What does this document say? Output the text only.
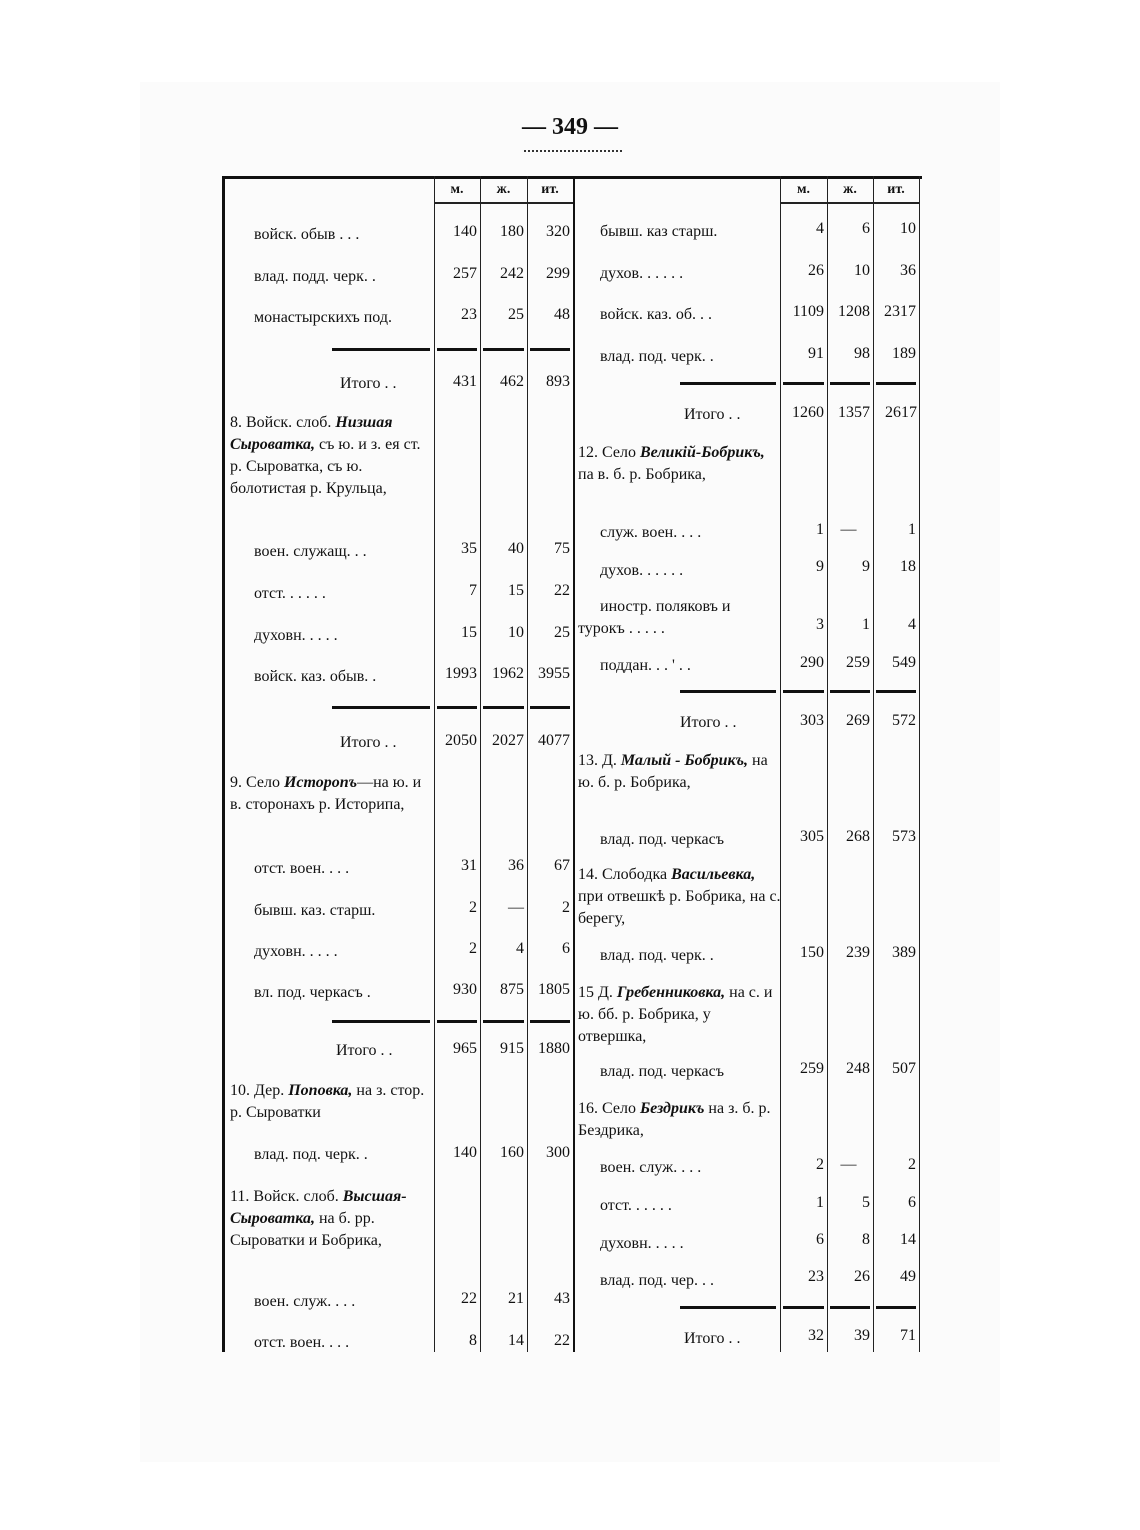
— 349 —
м.	ж.	ит.	м.	ж.	ит.
войск. обыв . . .	140	180	320
влад. подд. черк. .	257	242	299
монастырскихъ под.	23	25	48
Итого . .	431	462	893
8. Войск. слоб. Низшая Сыроватка, съ ю. и з. ея ст. р. Сыроватка, съ ю. болотистая р. Крульца,
воен. служащ. . .	35	40	75
отст. . . . . .	7	15	22
духовн. . . . .	15	10	25
войск. каз. обыв. .	1993 1962 3955
Итого . .	2050 2027 4077
9. Село Исторопъ—на ю. и в. сторонахъ р. Историпа,
отст. воен. . . .	31	36	67
бывш. каз. старш.	2	—	2
духовн. . . . .	2	4	6
вл. под. черкасъ .	930	875 1805
Итого . .	965	915 1880
10. Дер. Поповка, на з. стор. р. Сыроватки
влад. под. черк. .	140	160	300
11. Войск. слоб. Высшая-Сыроватка, на б. рр. Сыроватки и Бобрика,
воен. служ. . . .	22	21	43
отст. воен. . . .	8	14	22
бывш. каз старш.	4	6	10
духов. . . . . .	26	10	36
войск. каз. об. . .	1109 1208 2317
влад. под. черк. .	91	98	189
Итого . .	1260 1357 2617
12. Село Великій-Бобрикъ, па в. б. р. Бобрика,
служ. воен. . . .	1	—	1
духов. . . . . .	9	9	18
иностр. поляковъ и
турокъ . . . . .	3	1	4
поддан. . . ' . .	290	259	549
Итого . .	303	269	572
13. Д. Малый - Бобрикъ, на ю. б. р. Бобрика,
влад. под. черкасъ	305	268	573
14. Слободка Васильевка, при отвешкѣ р. Бобрика, на с. берегу,
влад. под. черк. .	150	239	389
15 Д. Гребенниковка, на с. и ю. бб. р. Бобрика, у отвершка,
влад. под. черкасъ	259	248	507
16. Село Бездрикъ на з. б. р. Бездрика,
воен. служ. . . .	2	—	2
отст. . . . . .	1	5	6
духовн. . . . .	6	8	14
влад. под. чер. . .	23	26	49
Итого . .	32	39	71
